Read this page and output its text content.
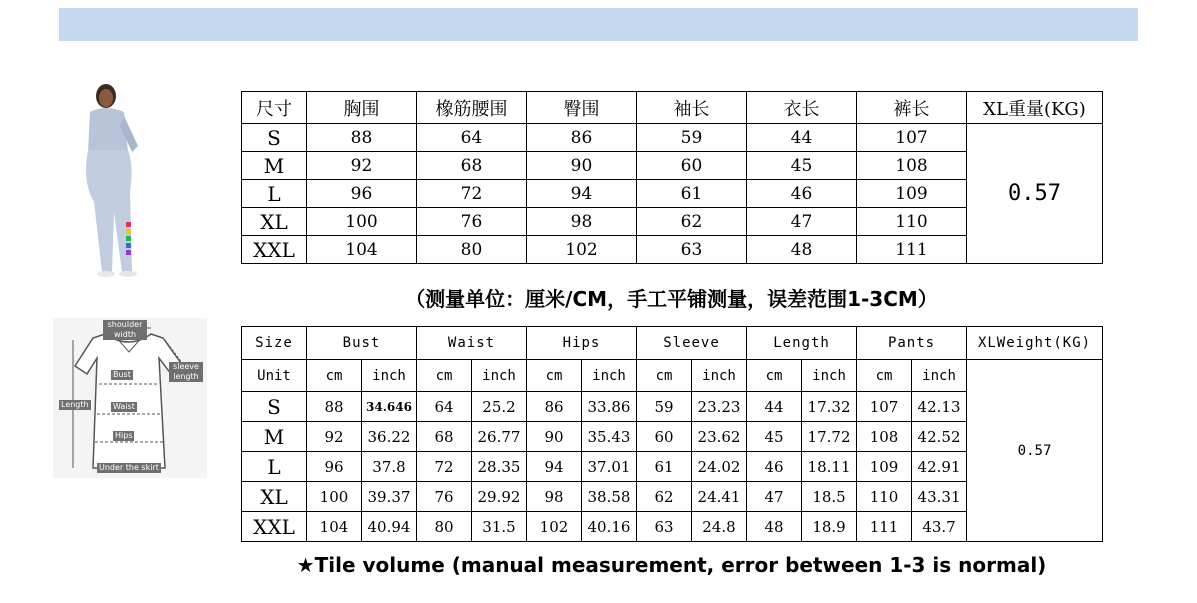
shoulder width
sleeve length
Bust
Waist
Hips
Length
Under the skirt
尺寸	胸围	橡筋腰围	臀围	袖长	衣长	裤长	XL重量(KG)
S	88	64	86	59	44	107	0.57
M	92	68	90	60	45	108	
L	96	72	94	61	46	109	
XL	100	76	98	62	47	110	
XXL	104	80	102	63	48	111	
（测量单位：厘米/CM，手工平铺测量，误差范围1-3CM）
Size	Bust		Waist		Hips		Sleeve		Length		Pants		XLWeight(KG)
Unit	cm	inch	cm	inch	cm	inch	cm	inch	cm	inch	cm	inch	0.57
S	88	34.646	64	25.2	86	33.86	59	23.23	44	17.32	107	42.13	
M	92	36.22	68	26.77	90	35.43	60	23.62	45	17.72	108	42.52	
L	96	37.8	72	28.35	94	37.01	61	24.02	46	18.11	109	42.91	
XL	100	39.37	76	29.92	98	38.58	62	24.41	47	18.5	110	43.31	
XXL	104	40.94	80	31.5	102	40.16	63	24.8	48	18.9	111	43.7	
★Tile volume (manual measurement, error between 1-3 is normal)
